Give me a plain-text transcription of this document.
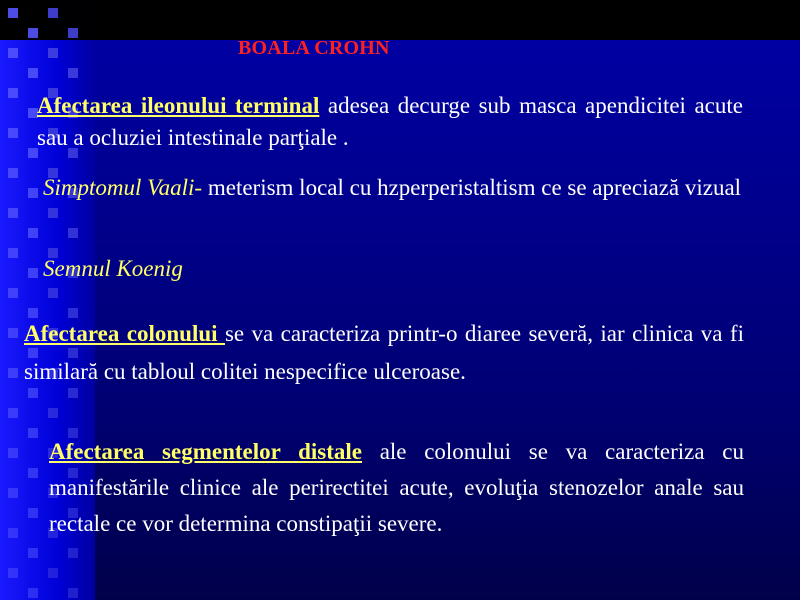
BOALA CROHN
Afectarea ileonului terminal adesea decurge sub masca apendicitei acute sau a ocluziei intestinale parţiale .
Simptomul Vaali- meterism local cu hzperperistaltism ce se apreciază vizual
Semnul Koenig
Afectarea colonului se va caracteriza printr-o diaree severă, iar clinica va fi similară cu tabloul colitei nespecifice ulceroase.
Afectarea segmentelor distale ale colonului se va caracteriza cu manifestările clinice ale perirectitei acute, evoluţia stenozelor anale sau rectale ce vor determina constipaţii severe.
